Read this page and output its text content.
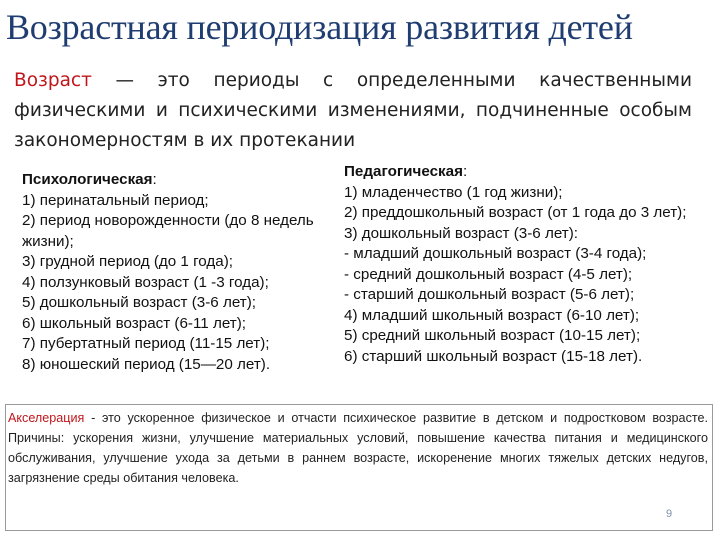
Возрастная периодизация развития детей
Возраст — это периоды с определенными качественными физическими и психическими изменениями, подчиненные особым закономерностям в их протекании
Психологическая:
1) перинатальный период;
2) период новорожденности (до 8 недель жизни);
3) грудной период (до 1 года);
4) ползунковый возраст (1 -3 года);
5) дошкольный возраст (3-6 лет);
6) школьный возраст (6-11 лет);
7) пубертатный период (11-15 лет);
8) юношеский период (15—20 лет).
Педагогическая:
1) младенчество (1 год жизни);
2) преддошкольный возраст (от 1 года до 3 лет);
3) дошкольный возраст (3-6 лет):
- младший дошкольный возраст (3-4 года);
- средний дошкольный возраст (4-5 лет);
- старший дошкольный возраст (5-6 лет);
4) младший школьный возраст (6-10 лет);
5) средний школьный возраст (10-15 лет);
6) старший школьный возраст (15-18 лет).
Акселерация - это ускоренное физическое и отчасти психическое развитие в детском и подростковом возрасте. Причины: ускорения жизни, улучшение материальных условий, повышение качества питания и медицинского обслуживания, улучшение ухода за детьми в раннем возрасте, искоренение многих тяжелых детских недугов, загрязнение среды обитания человека.
9
